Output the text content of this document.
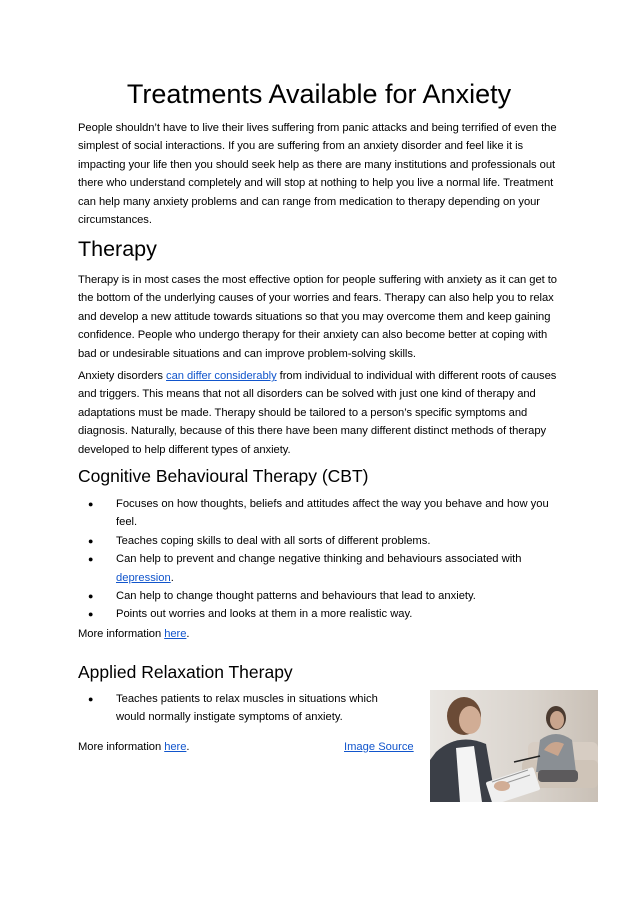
Treatments Available for Anxiety

People shouldn’t have to live their lives suffering from panic attacks and being terrified of even the simplest of social interactions. If you are suffering from an anxiety disorder and feel like it is impacting your life then you should seek help as there are many institutions and professionals out there who understand completely and will stop at nothing to help you live a normal life. Treatment can help many anxiety problems and can range from medication to therapy depending on your circumstances.

Therapy

Therapy is in most cases the most effective option for people suffering with anxiety as it can get to the bottom of the underlying causes of your worries and fears. Therapy can also help you to relax and develop a new attitude towards situations so that you may overcome them and keep gaining confidence. People who undergo therapy for their anxiety can also become better at coping with bad or undesirable situations and can improve problem-solving skills.

Anxiety disorders can differ considerably from individual to individual with different roots of causes and triggers. This means that not all disorders can be solved with just one kind of therapy and adaptations must be made. Therapy should be tailored to a person’s specific symptoms and diagnosis. Naturally, because of this there have been many different distinct methods of therapy developed to help different types of anxiety.

Cognitive Behavioural Therapy (CBT)
● Focuses on how thoughts, beliefs and attitudes affect the way you behave and how you feel.
● Teaches coping skills to deal with all sorts of different problems.
● Can help to prevent and change negative thinking and behaviours associated with depression.
● Can help to change thought patterns and behaviours that lead to anxiety.
● Points out worries and looks at them in a more realistic way.

More information here.

Applied Relaxation Therapy
● Teaches patients to relax muscles in situations which would normally instigate symptoms of anxiety.

More information here.	Image Source
